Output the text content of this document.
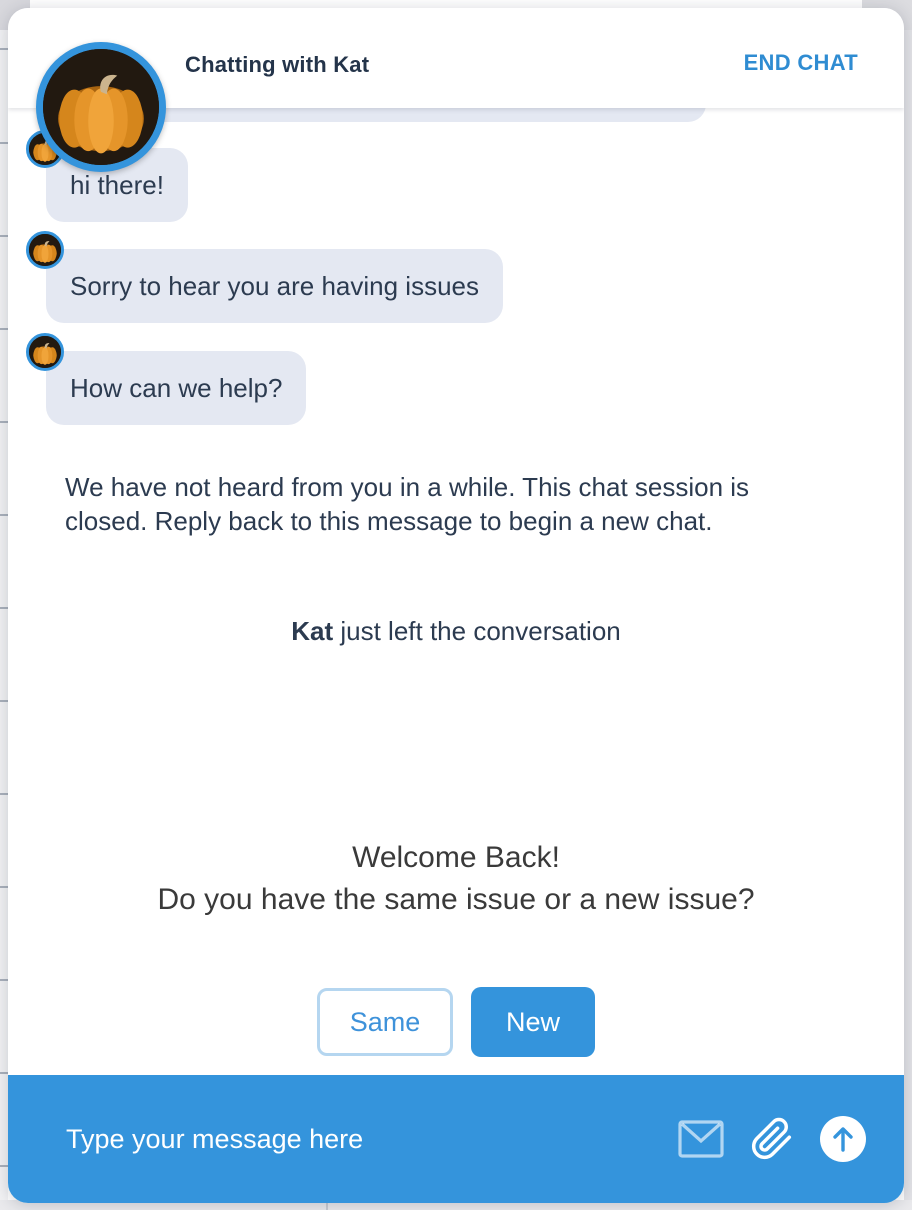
Chatting with Kat	END CHAT
hi there!
Sorry to hear you are having issues
How can we help?
We have not heard from you in a while. This chat session is closed. Reply back to this message to begin a new chat.
Kat just left the conversation
Welcome Back!
Do you have the same issue or a new issue?
Same	New
Type your message here
